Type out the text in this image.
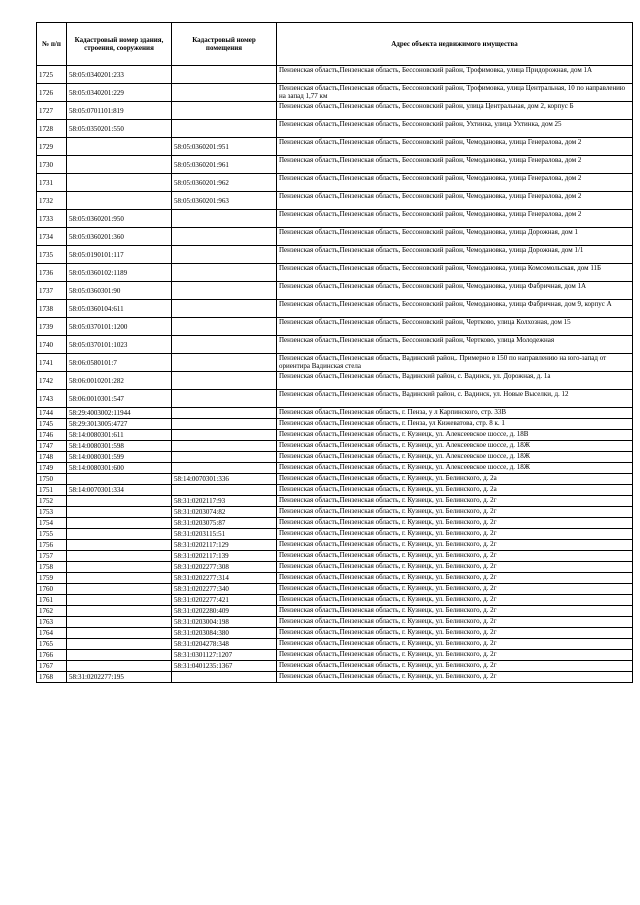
№ п/п	Кадастровый номер здания, строения, сооружения	Кадастровый номер помещения	Адрес объекта недвижимого имущества
1725	58:05:0340201:233		Пензенская область,Пензенская область, Бессоновский район, Трофимовка, улица Придорожная, дом 1А
1726	58:05:0340201:229		Пензенская область,Пензенская область, Бессоновский район, Трофимовка, улица Центральная, 10 по направлению на запад 1,77 км
1727	58:05:0701101:819		Пензенская область,Пензенская область, Бессоновский район, улица Центральная, дом 2, корпус Б
1728	58:05:0350201:550		Пензенская область,Пензенская область, Бессоновский район, Ухтинка, улица Ухтинка, дом 25
1729		58:05:0360201:951	Пензенская область,Пензенская область, Бессоновский район, Чемодановка, улица Генералова, дом 2
1730		58:05:0360201:961	Пензенская область,Пензенская область, Бессоновский район, Чемодановка, улица Генералова, дом 2
1731		58:05:0360201:962	Пензенская область,Пензенская область, Бессоновский район, Чемодановка, улица Генералова, дом 2
1732		58:05:0360201:963	Пензенская область,Пензенская область, Бессоновский район, Чемодановка, улица Генералова, дом 2
1733	58:05:0360201:950		Пензенская область,Пензенская область, Бессоновский район, Чемодановка, улица Генералова, дом 2
1734	58:05:0360201:360		Пензенская область,Пензенская область, Бессоновский район, Чемодановка, улица Дорожная, дом 1
1735	58:05:0190101:117		Пензенская область,Пензенская область, Бессоновский район, Чемодановка, улица Дорожная, дом 1/1
1736	58:05:0360102:1189		Пензенская область,Пензенская область, Бессоновский район, Чемодановка, улица Комсомольская, дом 11Б
1737	58:05:0360301:90		Пензенская область,Пензенская область, Бессоновский район, Чемодановка, улица Фабричная, дом 1А
1738	58:05:0360104:611		Пензенская область,Пензенская область, Бессоновский район, Чемодановка, улица Фабричная, дом 9, корпус А
1739	58:05:0370101:1200		Пензенская область,Пензенская область, Бессоновский район, Чертково, улица Колхозная, дом 15
1740	58:05:0370101:1023		Пензенская область,Пензенская область, Бессоновский район, Чертково, улица Молодежная
1741	58:06:0580101:7		Пензенская область,Пензенская область, Вадинский район,. Примерно в 150 по направлению на юго-запад от ориентира Вадинская стела
1742	58:06:0010201:282		Пензенская область,Пензенская область, Вадинский район, с. Вадинск, ул. Дорожная, д. 1а
1743	58:06:0010301:547		Пензенская область,Пензенская область, Вадинский район, с. Вадинск, ул. Новые Выселки, д. 12
1744	58:29:4003002:11944		Пензенская область,Пензенская область, г. Пенза, у л Карпинского, стр. 33В
1745	58:29:3013005:4727		Пензенская область,Пензенская область, г. Пенза, ул Кижеватова, стр. 8 к. 1
1746	58:14:0080301:611		Пензенская область,Пензенская область, г. Кузнецк, ул. Алексеевское шоссе, д. 18В
1747	58:14:0080301:598		Пензенская область,Пензенская область, г. Кузнецк, ул. Алексеевское шоссе, д. 18Ж
1748	58:14:0080301:599		Пензенская область,Пензенская область, г. Кузнецк, ул. Алексеевское шоссе, д. 18Ж
1749	58:14:0080301:600		Пензенская область,Пензенская область, г. Кузнецк, ул. Алексеевское шоссе, д. 18Ж
1750		58:14:0070301:336	Пензенская область,Пензенская область, г. Кузнецк, ул. Белинского, д. 2а
1751	58:14:0070301:334		Пензенская область,Пензенская область, г. Кузнецк, ул. Белинского, д. 2а
1752		58:31:0202117:93	Пензенская область,Пензенская область, г. Кузнецк, ул. Белинского, д. 2г
1753		58:31:0203074:82	Пензенская область,Пензенская область, г. Кузнецк, ул. Белинского, д. 2г
1754		58:31:0203075:87	Пензенская область,Пензенская область, г. Кузнецк, ул. Белинского, д. 2г
1755		58:31:0203115:51	Пензенская область,Пензенская область, г. Кузнецк, ул. Белинского, д. 2г
1756		58:31:0202117:129	Пензенская область,Пензенская область, г. Кузнецк, ул. Белинского, д. 2г
1757		58:31:0202117:139	Пензенская область,Пензенская область, г. Кузнецк, ул. Белинского, д. 2г
1758		58:31:0202277:308	Пензенская область,Пензенская область, г. Кузнецк, ул. Белинского, д. 2г
1759		58:31:0202277:314	Пензенская область,Пензенская область, г. Кузнецк, ул. Белинского, д. 2г
1760		58:31:0202277:340	Пензенская область,Пензенская область, г. Кузнецк, ул. Белинского, д. 2г
1761		58:31:0202277:421	Пензенская область,Пензенская область, г. Кузнецк, ул. Белинского, д. 2г
1762		58:31:0202280:409	Пензенская область,Пензенская область, г. Кузнецк, ул. Белинского, д. 2г
1763		58:31:0203004:198	Пензенская область,Пензенская область, г. Кузнецк, ул. Белинского, д. 2г
1764		58:31:0203084:380	Пензенская область,Пензенская область, г. Кузнецк, ул. Белинского, д. 2г
1765		58:31:0204278:348	Пензенская область,Пензенская область, г. Кузнецк, ул. Белинского, д. 2г
1766		58:31:0301127:1207	Пензенская область,Пензенская область, г. Кузнецк, ул. Белинского, д. 2г
1767		58:31:0401235:1367	Пензенская область,Пензенская область, г. Кузнецк, ул. Белинского, д. 2г
1768	58:31:0202277:195		Пензенская область,Пензенская область, г. Кузнецк, ул. Белинского, д. 2г
